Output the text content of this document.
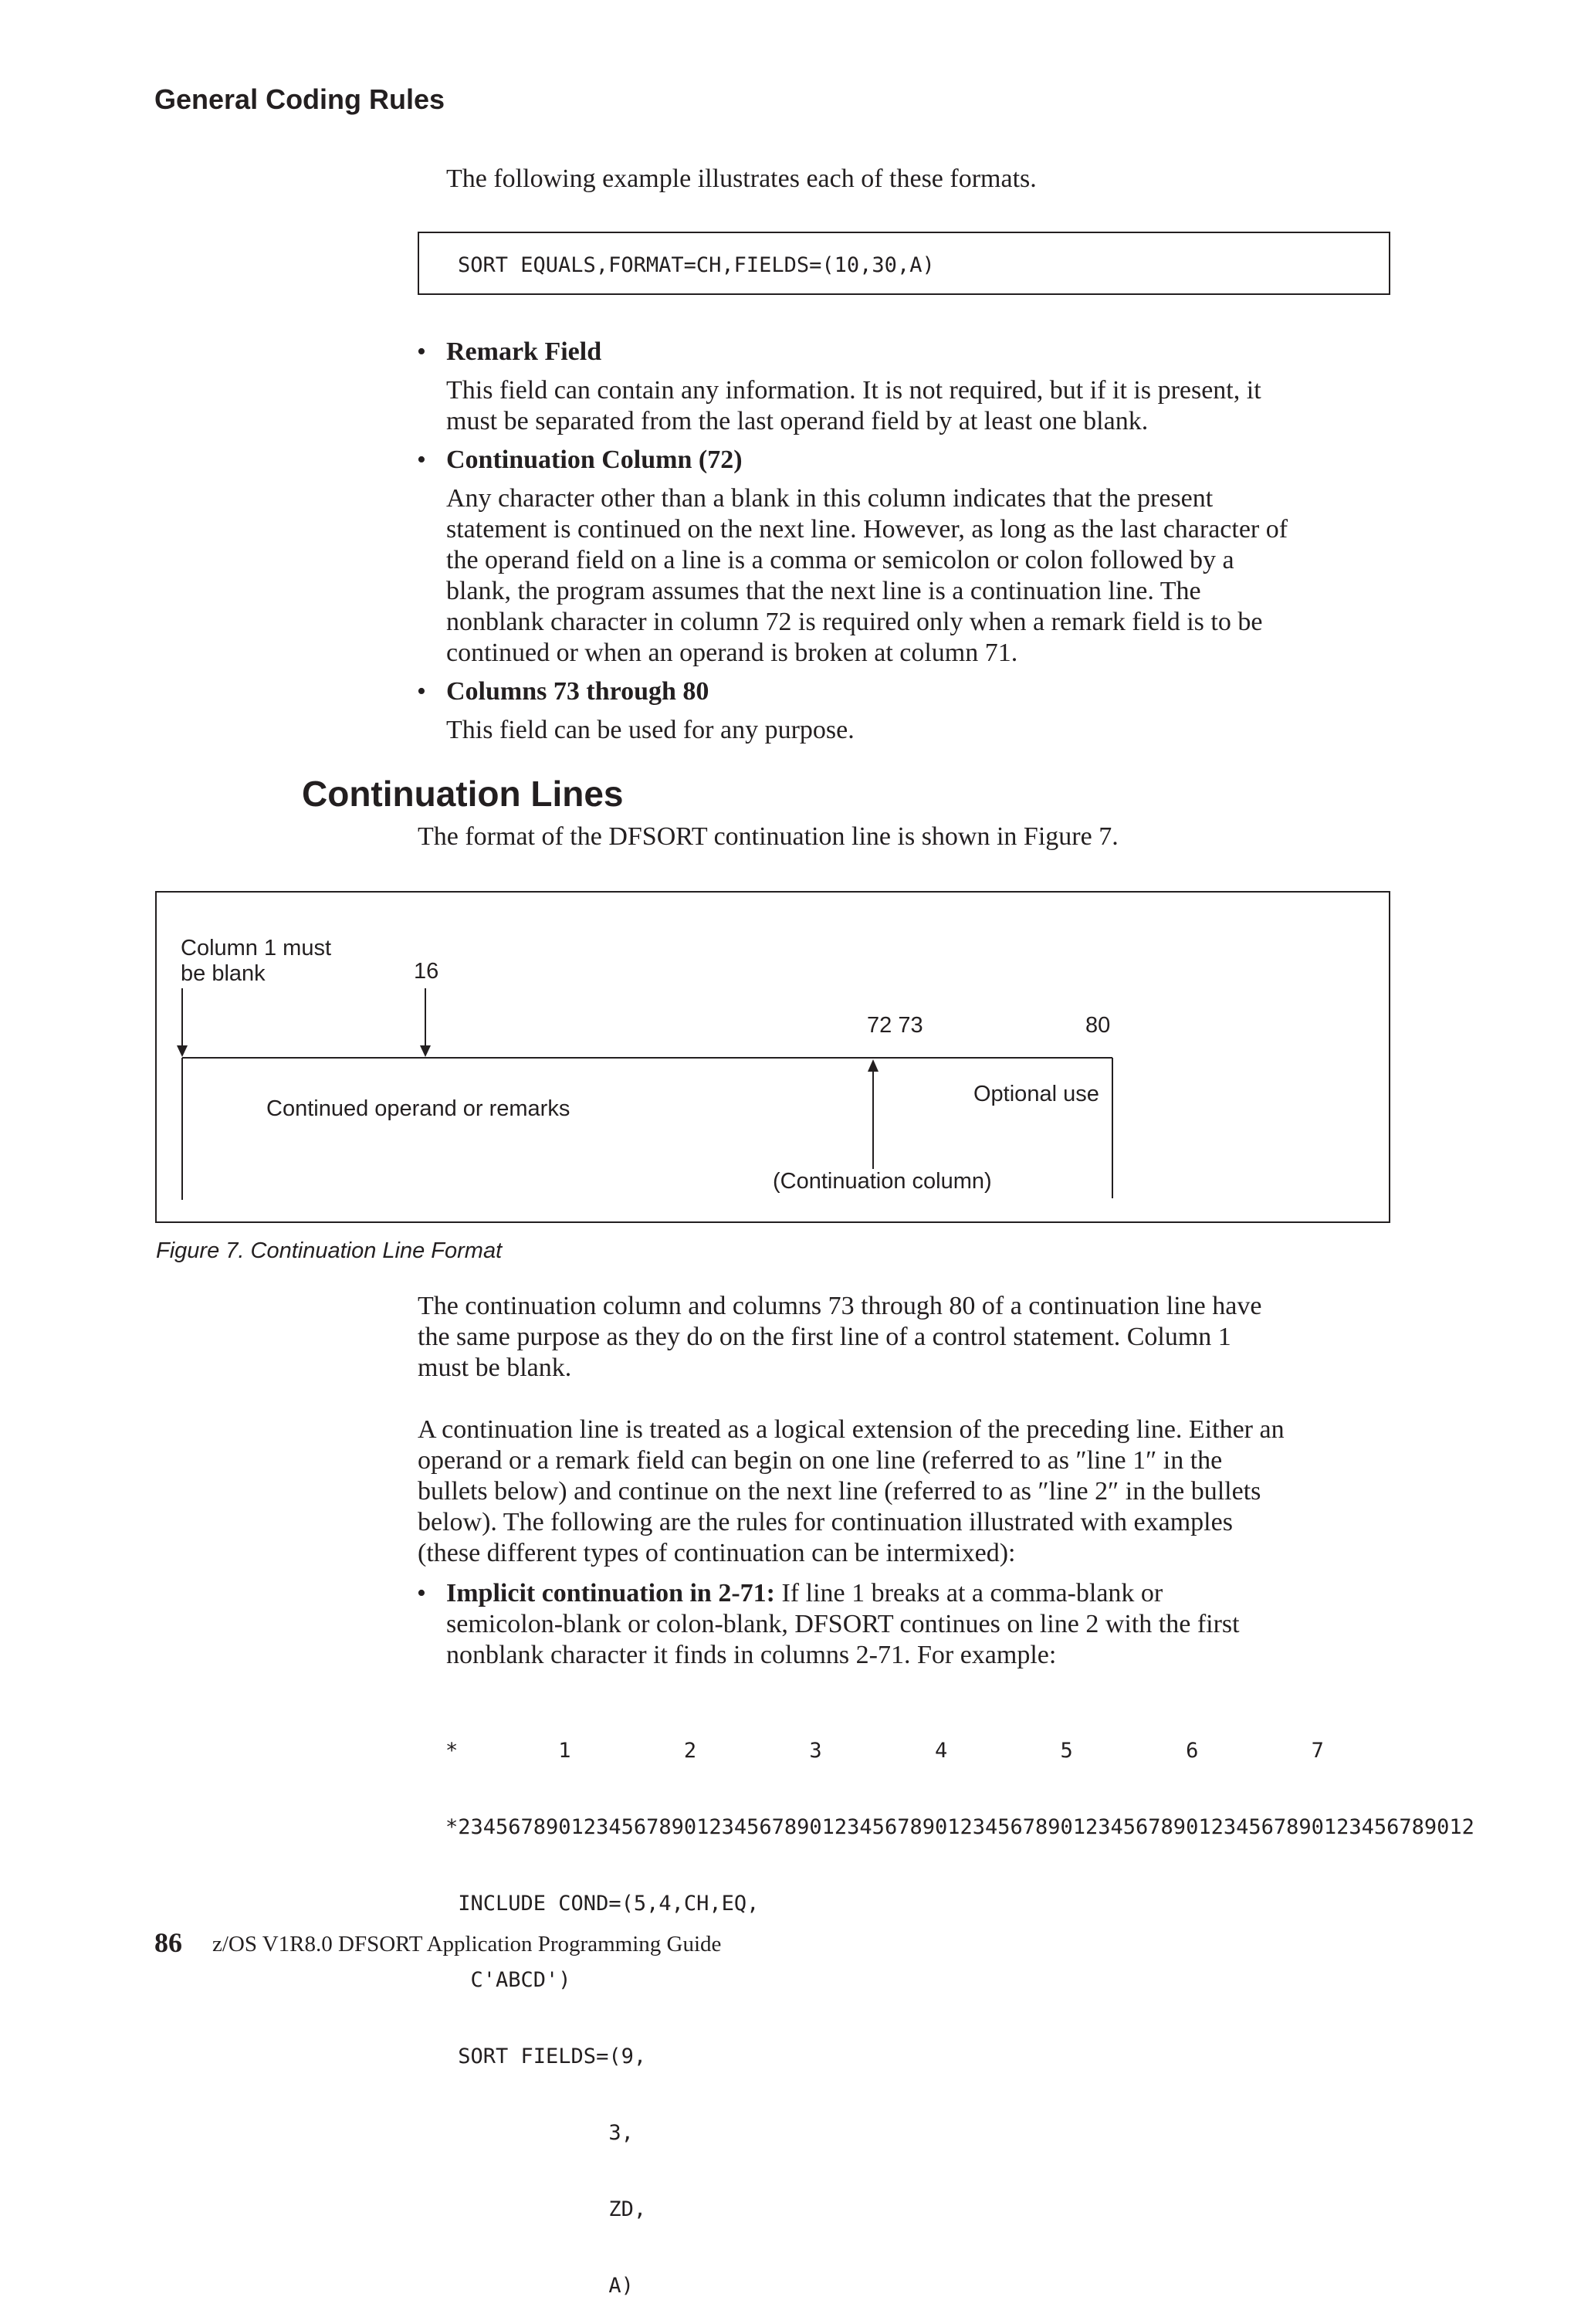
General Coding Rules
The following example illustrates each of these formats.
SORT EQUALS,FORMAT=CH,FIELDS=(10,30,A)
• Remark Field
This field can contain any information. It is not required, but if it is present, it
must be separated from the last operand field by at least one blank.
• Continuation Column (72)
Any character other than a blank in this column indicates that the present
statement is continued on the next line. However, as long as the last character of
the operand field on a line is a comma or semicolon or colon followed by a
blank, the program assumes that the next line is a continuation line. The
nonblank character in column 72 is required only when a remark field is to be
continued or when an operand is broken at column 71.
• Columns 73 through 80
This field can be used for any purpose.
Continuation Lines
The format of the DFSORT continuation line is shown in Figure 7.
Column 1 must
be blank	16
72 73	80
Continued operand or remarks
Optional use
(Continuation column)
Figure 7. Continuation Line Format
The continuation column and columns 73 through 80 of a continuation line have
the same purpose as they do on the first line of a control statement. Column 1
must be blank.
A continuation line is treated as a logical extension of the preceding line. Either an
operand or a remark field can begin on one line (referred to as ″line 1″ in the
bullets below) and continue on the next line (referred to as ″line 2″ in the bullets
below). The following are the rules for continuation illustrated with examples
(these different types of continuation can be intermixed):
• Implicit continuation in 2-71: If line 1 breaks at a comma-blank or
semicolon-blank or colon-blank, DFSORT continues on line 2 with the first
nonblank character it finds in columns 2-71. For example:

*        1         2         3         4         5         6         7

*234567890123456789012345678901234567890123456789012345678901234567890123456789012

INCLUDE COND=(5,4,CH,EQ,

C'ABCD')

SORT FIELDS=(9,

3,

ZD,

A)

86 z/OS V1R8.0 DFSORT Application Programming Guide
